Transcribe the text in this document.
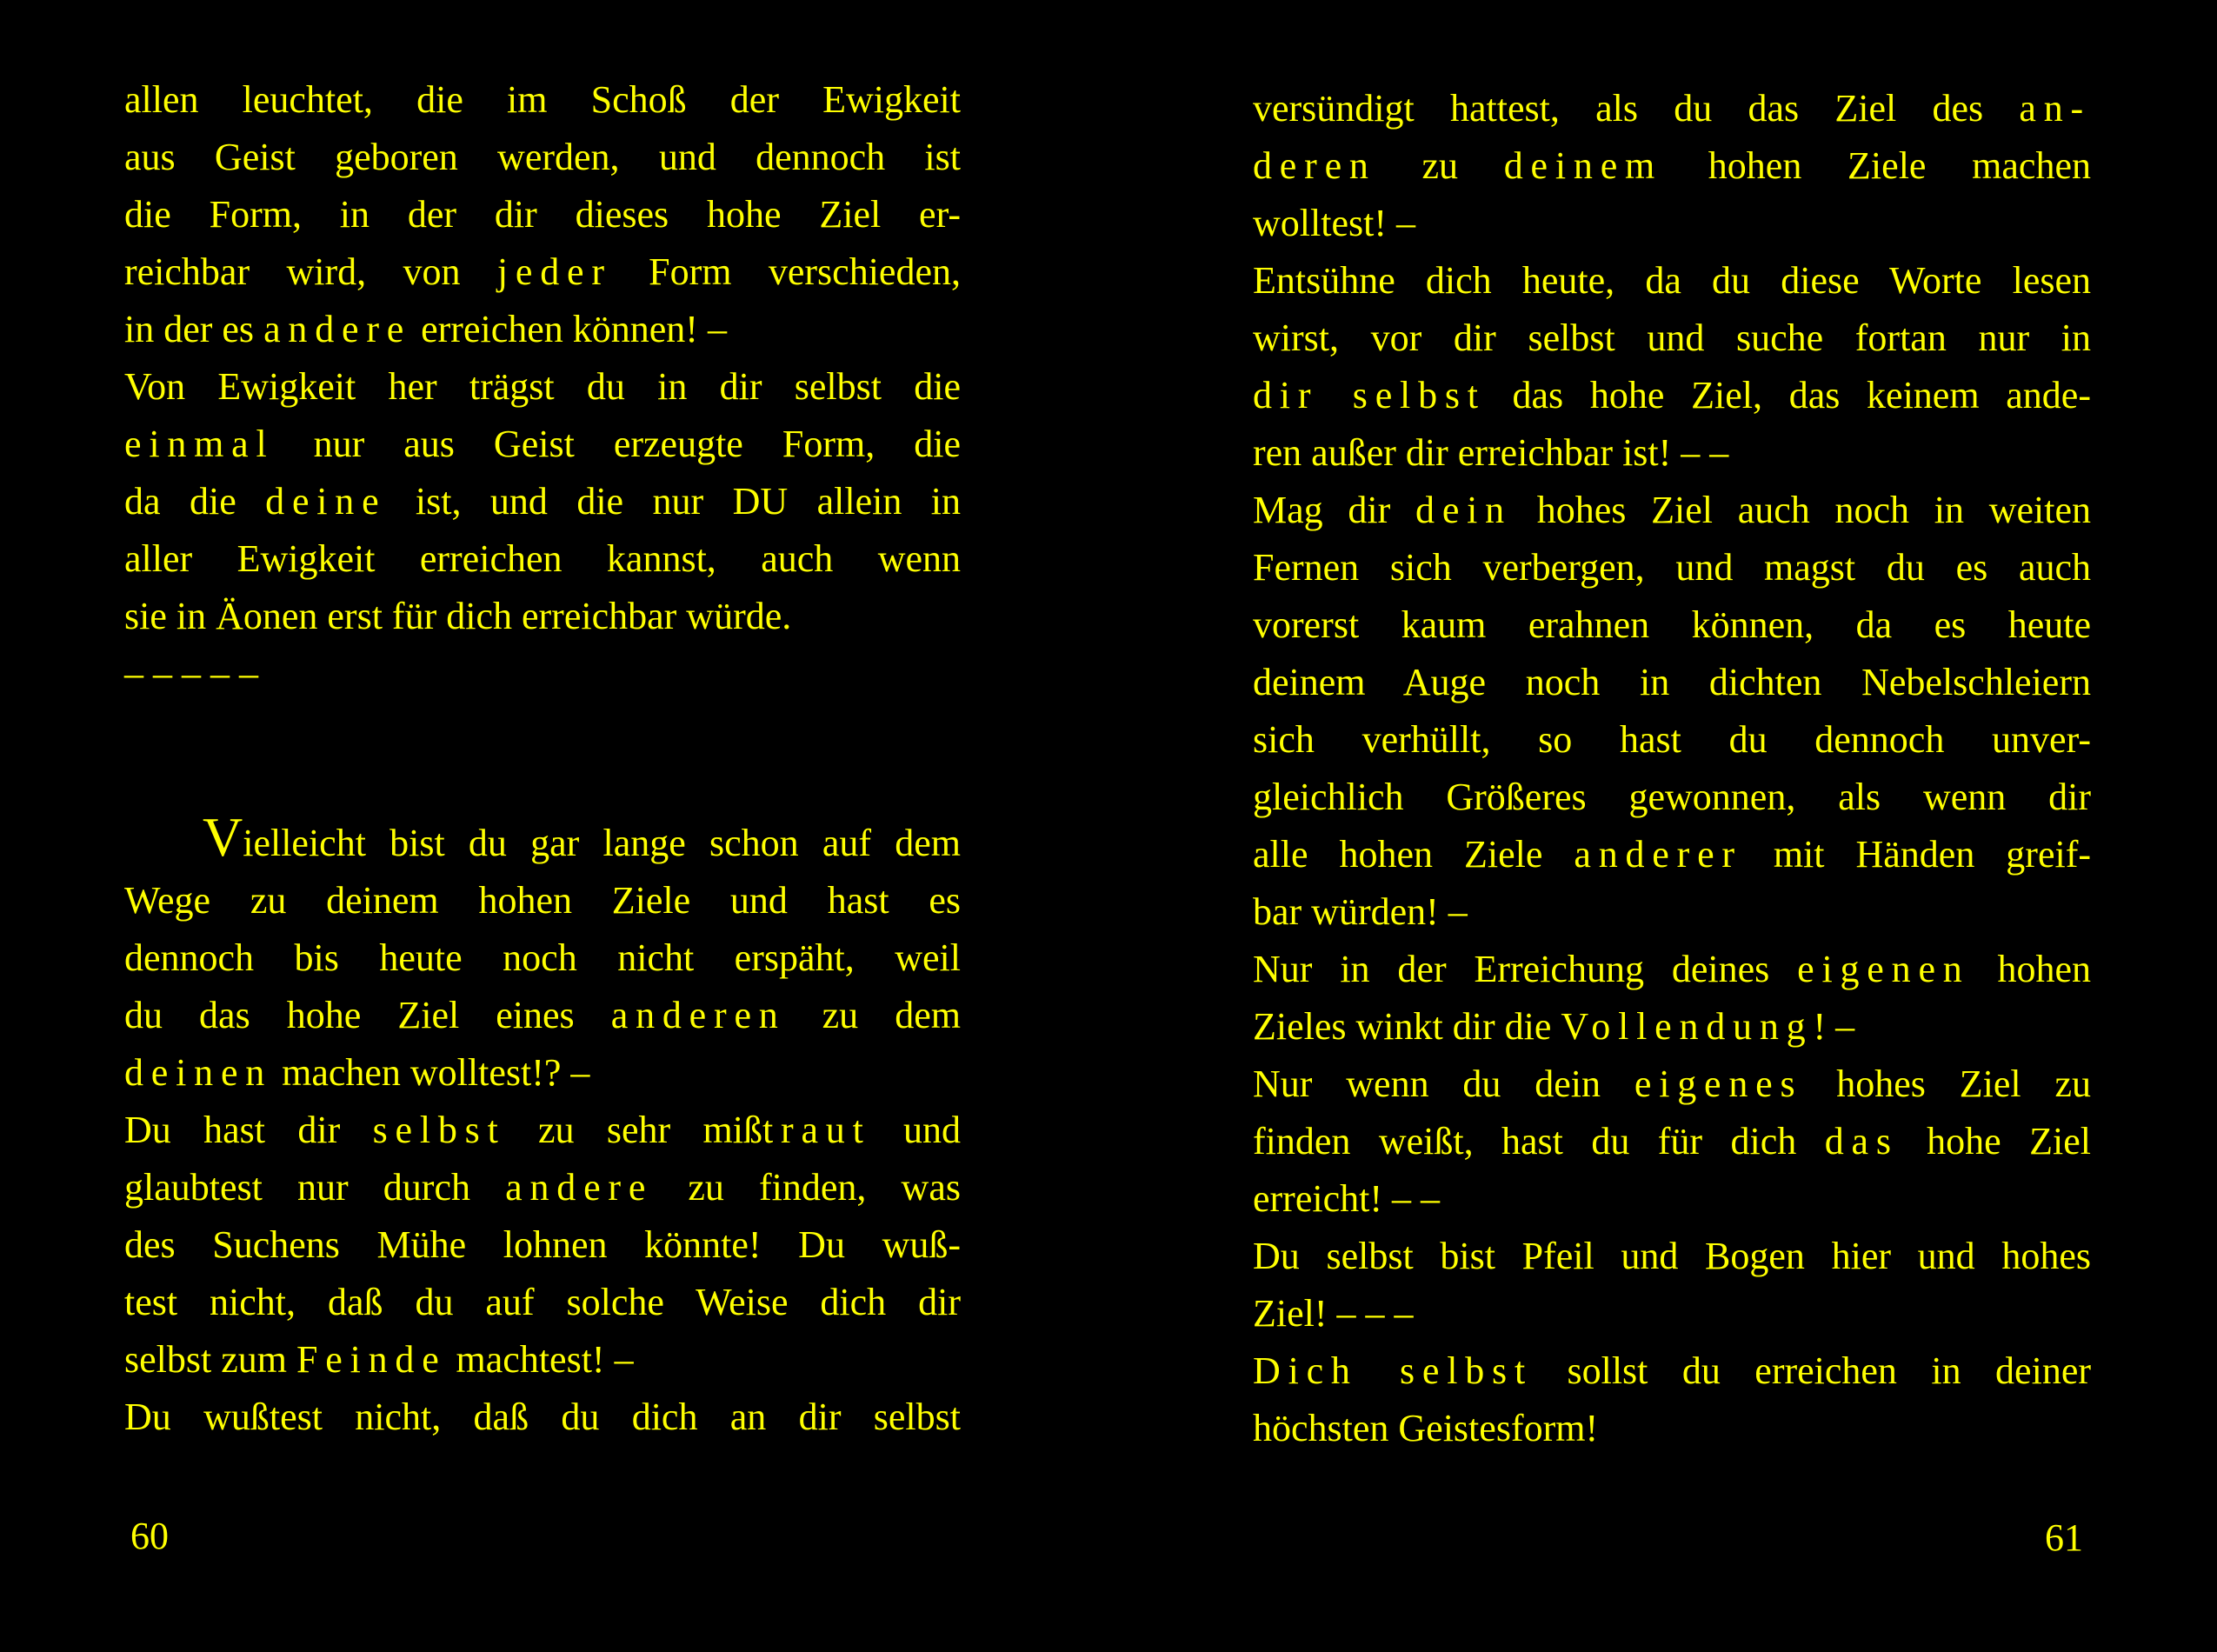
allen leuchtet, die im Schoß der Ewigkeit
aus Geist geboren werden, und dennoch ist
die Form, in der dir dieses hohe Ziel er-
reichbar wird, von jeder Form verschieden,
in der es andere erreichen können! –
Von Ewigkeit her trägst du in dir selbst die
einmal nur aus Geist erzeugte Form, die
da die deine ist, und die nur DU allein in
aller Ewigkeit erreichen kannst, auch wenn
sie in Äonen erst für dich erreichbar würde.
– – – – –
Vielleicht bist du gar lange schon auf dem
Wege zu deinem hohen Ziele und hast es
dennoch bis heute noch nicht erspäht, weil
du das hohe Ziel eines anderen zu dem
deinen machen wolltest!? –
Du hast dir selbst zu sehr mißtraut und
glaubtest nur durch andere zu finden, was
des Suchens Mühe lohnen könnte! Du wuß-
test nicht, daß du auf solche Weise dich dir
selbst zum Feinde machtest! –
Du wußtest nicht, daß du dich an dir selbst
versündigt hattest, als du das Ziel des an-
deren zu deinem hohen Ziele machen
wolltest! –
Entsühne dich heute, da du diese Worte lesen
wirst, vor dir selbst und suche fortan nur in
dir selbst das hohe Ziel, das keinem ande-
ren außer dir erreichbar ist! – –
Mag dir dein hohes Ziel auch noch in weiten
Fernen sich verbergen, und magst du es auch
vorerst kaum erahnen können, da es heute
deinem Auge noch in dichten Nebelschleiern
sich verhüllt, so hast du dennoch unver-
gleichlich Größeres gewonnen, als wenn dir
alle hohen Ziele anderer mit Händen greif-
bar würden! –
Nur in der Erreichung deines eigenen hohen
Zieles winkt dir die Vollendung! –
Nur wenn du dein eigenes hohes Ziel zu
finden weißt, hast du für dich das hohe Ziel
erreicht! – –
Du selbst bist Pfeil und Bogen hier und hohes
Ziel! – – –
Dich selbst sollst du erreichen in deiner
höchsten Geistesform!
60	61
